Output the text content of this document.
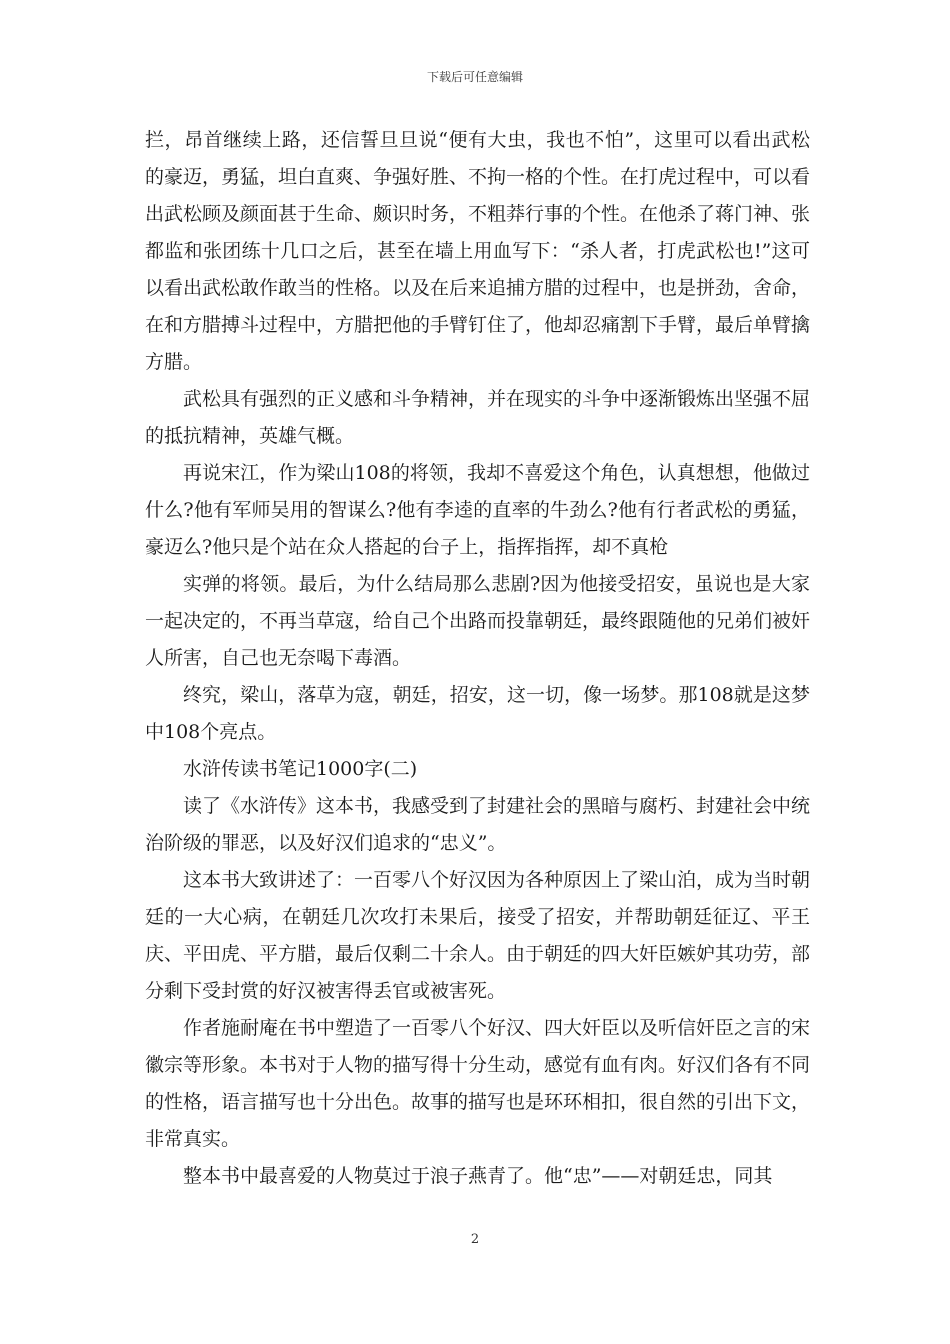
下载后可任意编辑

拦，昂首继续上路，还信誓旦旦说“便有大虫，我也不怕”，这里可以看出武松的豪迈，勇猛，坦白直爽、争强好胜、不拘一格的个性。在打虎过程中，可以看出武松顾及颜面甚于生命、颇识时务，不粗莽行事的个性。在他杀了蒋门神、张都监和张团练十几口之后，甚至在墙上用血写下：“杀人者，打虎武松也!”这可以看出武松敢作敢当的性格。以及在后来追捕方腊的过程中，也是拼劲，舍命，在和方腊搏斗过程中，方腊把他的手臂钉住了，他却忍痛割下手臂，最后单臂擒方腊。

武松具有强烈的正义感和斗争精神，并在现实的斗争中逐渐锻炼出坚强不屈的抵抗精神，英雄气概。

再说宋江，作为梁山108的将领，我却不喜爱这个角色，认真想想，他做过什么?他有军师吴用的智谋么?他有李逵的直率的牛劲么?他有行者武松的勇猛，豪迈么?他只是个站在众人搭起的台子上，指挥指挥，却不真枪

实弹的将领。最后，为什么结局那么悲剧?因为他接受招安，虽说也是大家一起决定的，不再当草寇，给自己个出路而投靠朝廷，最终跟随他的兄弟们被奸人所害，自己也无奈喝下毒酒。

终究，梁山，落草为寇，朝廷，招安，这一切，像一场梦。那108就是这梦中108个亮点。

水浒传读书笔记1000字(二)

读了《水浒传》这本书，我感受到了封建社会的黑暗与腐朽、封建社会中统治阶级的罪恶，以及好汉们追求的“忠义”。

这本书大致讲述了：一百零八个好汉因为各种原因上了梁山泊，成为当时朝廷的一大心病，在朝廷几次攻打未果后，接受了招安，并帮助朝廷征辽、平王庆、平田虎、平方腊，最后仅剩二十余人。由于朝廷的四大奸臣嫉妒其功劳，部分剩下受封赏的好汉被害得丢官或被害死。

作者施耐庵在书中塑造了一百零八个好汉、四大奸臣以及听信奸臣之言的宋徽宗等形象。本书对于人物的描写得十分生动，感觉有血有肉。好汉们各有不同的性格，语言描写也十分出色。故事的描写也是环环相扣，很自然的引出下文，非常真实。

整本书中最喜爱的人物莫过于浪子燕青了。他“忠”——对朝廷忠，同其

2
